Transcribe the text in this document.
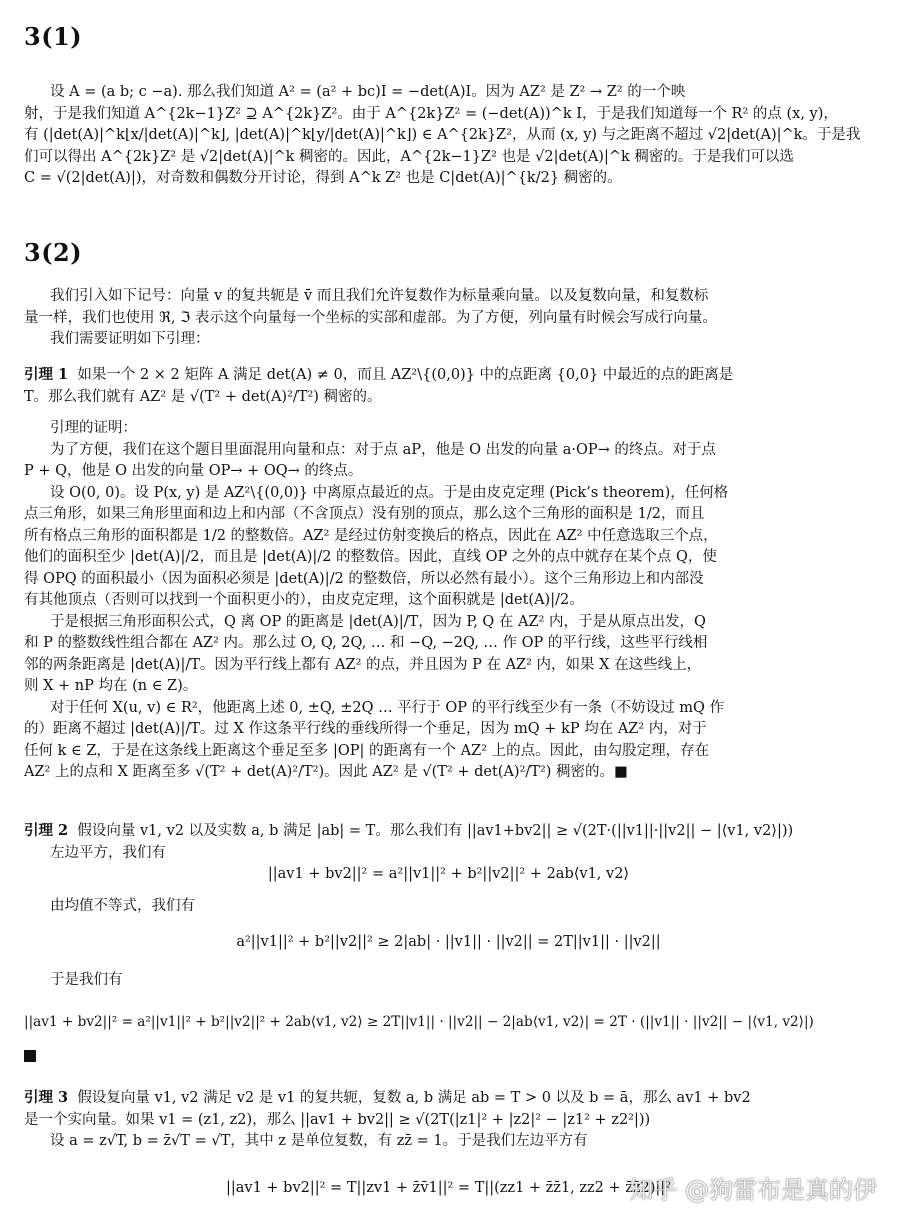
3(1)
设 A = (a b; c −a). 那么我们知道 A² = (a² + bc)I = −det(A)I。因为 AZ² 是 Z² → Z² 的一个映
射，于是我们知道 A^{2k−1}Z² ⊇ A^{2k}Z²。由于 A^{2k}Z² = (−det(A))^k I，于是我们知道每一个 R² 的点 (x, y)，
有 (|det(A)|^k⌊x/|det(A)|^k⌋, |det(A)|^k⌊y/|det(A)|^k⌋) ∈ A^{2k}Z²，从而 (x, y) 与之距离不超过 √2|det(A)|^k。于是我
们可以得出 A^{2k}Z² 是 √2|det(A)|^k 稠密的。因此，A^{2k−1}Z² 也是 √2|det(A)|^k 稠密的。于是我们可以选
C = √(2|det(A)|)，对奇数和偶数分开讨论，得到 A^k Z² 也是 C|det(A)|^{k/2} 稠密的。
3(2)
我们引入如下记号：向量 v 的复共轭是 v̄ 而且我们允许复数作为标量乘向量。以及复数向量，和复数标
量一样，我们也使用 ℜ, ℑ 表示这个向量每一个坐标的实部和虚部。为了方便，列向量有时候会写成行向量。
我们需要证明如下引理：
引理 1 如果一个 2 × 2 矩阵 A 满足 det(A) ≠ 0，而且 AZ²\{(0,0)} 中的点距离 {0,0} 中最近的点的距离是
T。那么我们就有 AZ² 是 √(T² + det(A)²/T²) 稠密的。
引理的证明：
为了方便，我们在这个题目里面混用向量和点：对于点 aP，他是 O 出发的向量 a·OP→ 的终点。对于点
P + Q，他是 O 出发的向量 OP→ + OQ→ 的终点。
设 O(0, 0)。设 P(x, y) 是 AZ²\{(0,0)} 中离原点最近的点。于是由皮克定理 (Pick’s theorem)，任何格
点三角形，如果三角形里面和边上和内部（不含顶点）没有别的顶点，那么这个三角形的面积是 1/2，而且
所有格点三角形的面积都是 1/2 的整数倍。AZ² 是经过仿射变换后的格点，因此在 AZ² 中任意选取三个点，
他们的面积至少 |det(A)|/2，而且是 |det(A)|/2 的整数倍。因此，直线 OP 之外的点中就存在某个点 Q，使
得 OPQ 的面积最小（因为面积必须是 |det(A)|/2 的整数倍，所以必然有最小）。这个三角形边上和内部没
有其他顶点（否则可以找到一个面积更小的），由皮克定理，这个面积就是 |det(A)|/2。
于是根据三角形面积公式，Q 离 OP 的距离是 |det(A)|/T，因为 P, Q 在 AZ² 内，于是从原点出发，Q
和 P 的整数线性组合都在 AZ² 内。那么过 O, Q, 2Q, … 和 −Q, −2Q, … 作 OP 的平行线，这些平行线相
邻的两条距离是 |det(A)|/T。因为平行线上都有 AZ² 的点，并且因为 P 在 AZ² 内，如果 X 在这些线上，
则 X + nP 均在 (n ∈ Z)。
对于任何 X(u, v) ∈ R²，他距离上述 0, ±Q, ±2Q … 平行于 OP 的平行线至少有一条（不妨设过 mQ 作
的）距离不超过 |det(A)|/T。过 X 作这条平行线的垂线所得一个垂足，因为 mQ + kP 均在 AZ² 内，对于
任何 k ∈ Z，于是在这条线上距离这个垂足至多 |OP| 的距离有一个 AZ² 上的点。因此，由勾股定理，存在
AZ² 上的点和 X 距离至多 √(T² + det(A)²/T²)。因此 AZ² 是 √(T² + det(A)²/T²) 稠密的。■
引理 2 假设向量 v1, v2 以及实数 a, b 满足 |ab| = T。那么我们有 ||av1+bv2|| ≥ √(2T·(||v1||·||v2|| − |⟨v1, v2⟩|))
左边平方，我们有
||av1 + bv2||² = a²||v1||² + b²||v2||² + 2ab⟨v1, v2⟩
由均值不等式，我们有
a²||v1||² + b²||v2||² ≥ 2|ab| · ||v1|| · ||v2|| = 2T||v1|| · ||v2||
于是我们有
||av1 + bv2||² = a²||v1||² + b²||v2||² + 2ab⟨v1, v2⟩ ≥ 2T||v1|| · ||v2|| − 2|ab⟨v1, v2⟩| = 2T · (||v1|| · ||v2|| − |⟨v1, v2⟩|)
引理 3 假设复向量 v1, v2 满足 v2 是 v1 的复共轭，复数 a, b 满足 ab = T > 0 以及 b = ā，那么 av1 + bv2
是一个实向量。如果 v1 = (z1, z2)，那么 ||av1 + bv2|| ≥ √(2T(|z1|² + |z2|² − |z1² + z2²|))
设 a = z√T, b = z̄√T = √T，其中 z 是单位复数，有 zz̄ = 1。于是我们左边平方有
||av1 + bv2||² = T||zv1 + z̄v̄1||² = T||(zz1 + z̄z̄1, zz2 + z̄z̄2)||²
知乎 @狗雷布是真的伊
